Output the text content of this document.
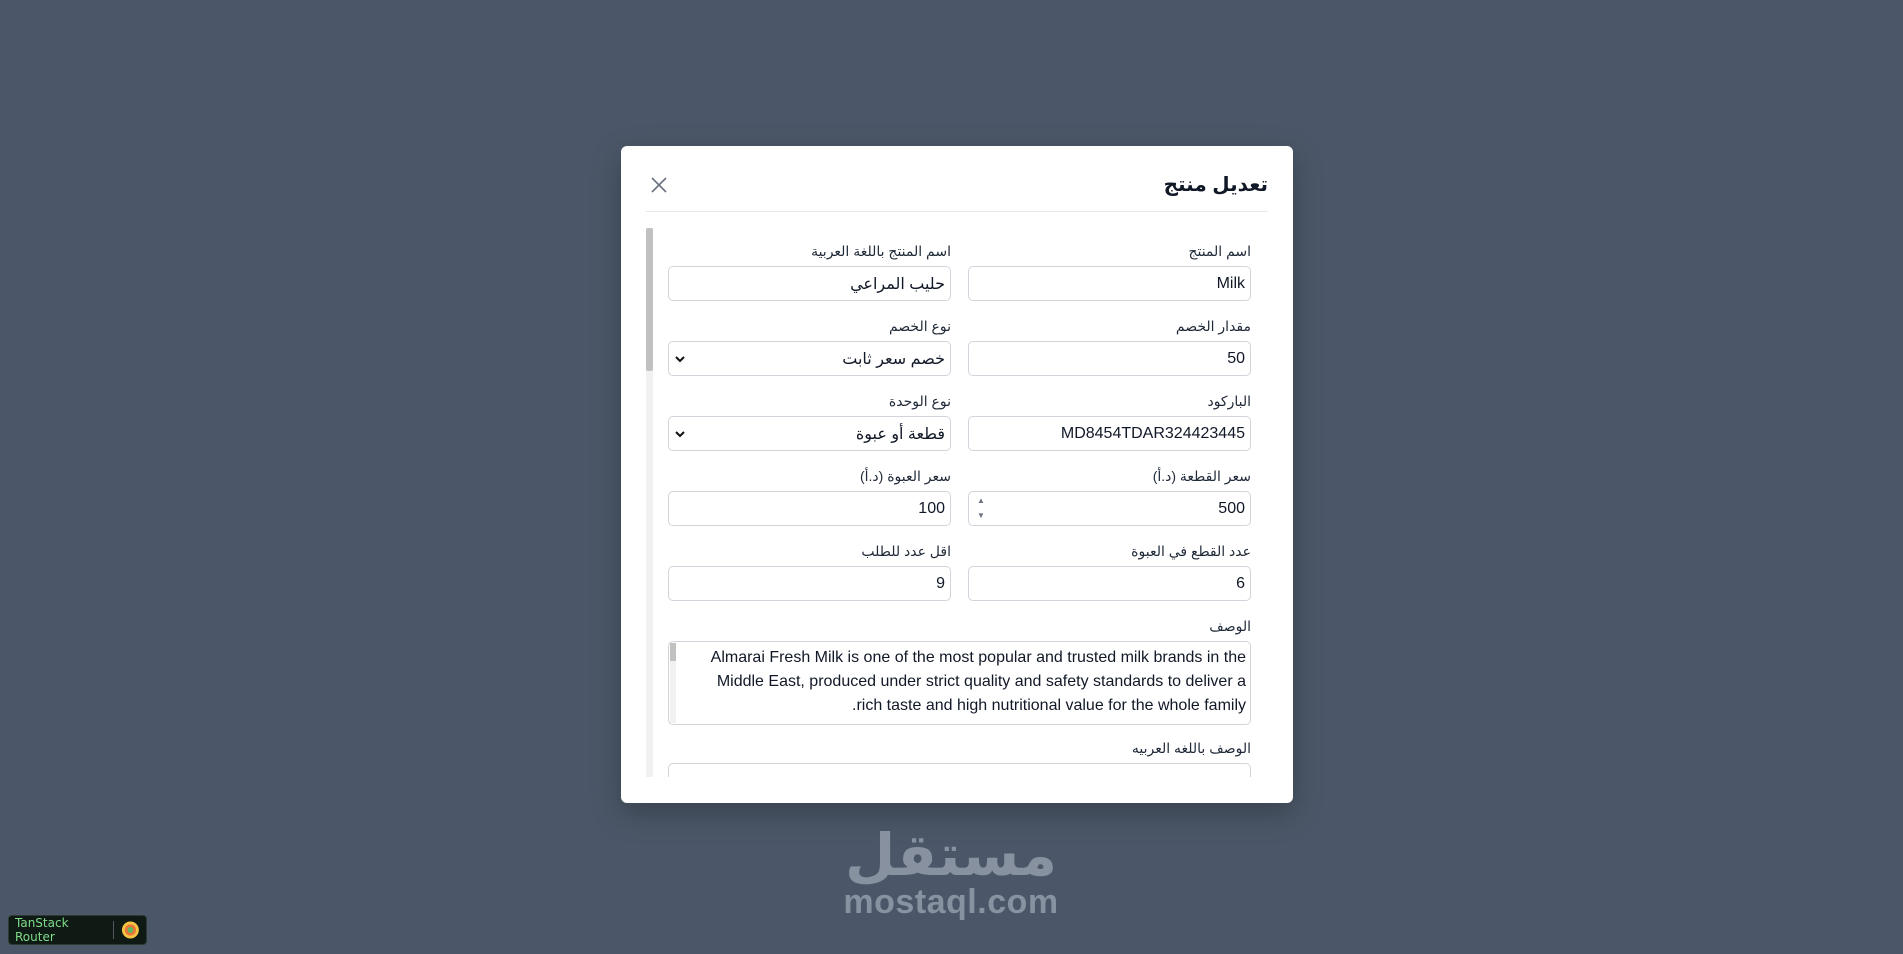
تعديل منتج
اسم المنتج
Milk
اسم المنتج باللغة العربية
حليب المراعي
مقدار الخصم
50
نوع الخصم
خصم سعر ثابت
الباركود
MD8454TDAR324423445
نوع الوحدة
قطعة أو عبوة
سعر القطعة (د.أ)
500
▲
▼
سعر العبوة (د.أ)
100
عدد القطع في العبوة
6
اقل عدد للطلب
9
الوصف
Almarai Fresh Milk is one of the most popular and trusted milk brands in the Middle East, produced under strict quality and safety standards to deliver a rich taste and high nutritional value for the whole family.
الوصف باللغه العربيه
مستقل
mostaql.com
TanStack Router
